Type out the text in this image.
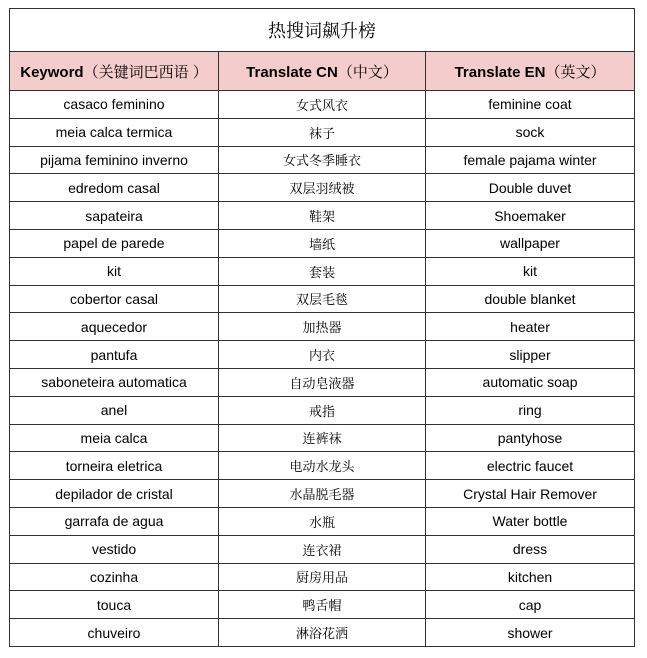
热搜词飙升榜		
Keyword（关键词巴西语 ）	Translate CN（中文）	Translate EN（英文）
casaco feminino	女式风衣	feminine coat
meia calca termica	袜子	sock
pijama feminino inverno	女式冬季睡衣	female pajama winter
edredom casal	双层羽绒被	Double duvet
sapateira	鞋架	Shoemaker
papel de parede	墙纸	wallpaper
kit	套装	kit
cobertor casal	双层毛毯	double blanket
aquecedor	加热器	heater
pantufa	内衣	slipper
saboneteira automatica	自动皂液器	automatic soap
anel	戒指	ring
meia calca	连裤袜	pantyhose
torneira eletrica	电动水龙头	electric faucet
depilador de cristal	水晶脱毛器	Crystal Hair Remover
garrafa de agua	水瓶	Water bottle
vestido	连衣裙	dress
cozinha	厨房用品	kitchen
touca	鸭舌帽	cap
chuveiro	淋浴花洒	shower
